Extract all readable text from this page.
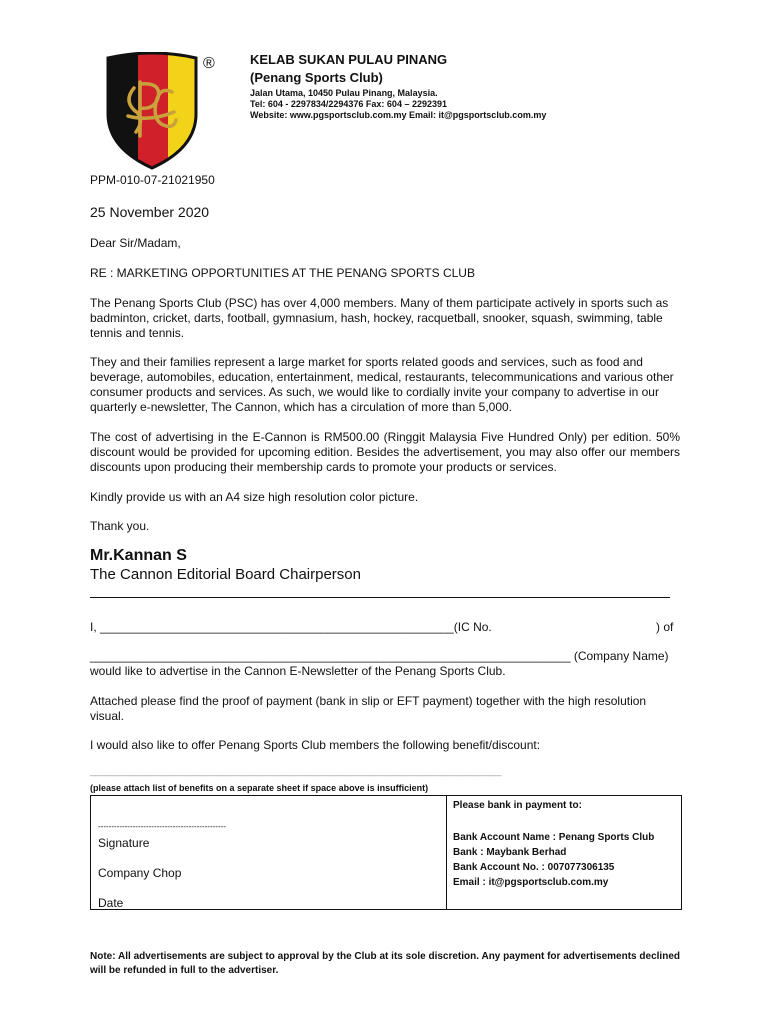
®	KELAB SUKAN PULAU PINANG
(Penang Sports Club)
Jalan Utama, 10450 Pulau Pinang, Malaysia.
Tel: 604 - 2297834/2294376 Fax: 604 – 2292391
Website: www.pgsportsclub.com.my Email: it@pgsportsclub.com.my
PPM-010-07-21021950
25 November 2020
Dear Sir/Madam,
RE : MARKETING OPPORTUNITIES AT THE PENANG SPORTS CLUB
The Penang Sports Club (PSC) has over 4,000 members. Many of them participate actively in sports such as badminton, cricket, darts, football, gymnasium, hash, hockey, racquetball, snooker, squash, swimming, table tennis and tennis.
They and their families represent a large market for sports related goods and services, such as food and beverage, automobiles, education, entertainment, medical, restaurants, telecommunications and various other consumer products and services. As such, we would like to cordially invite your company to advertise in our quarterly e-newsletter, The Cannon, which has a circulation of more than 5,000.
The cost of advertising in the E-Cannon is RM500.00 (Ringgit Malaysia Five Hundred Only) per edition. 50% discount would be provided for upcoming edition. Besides the advertisement, you may also offer our members discounts upon producing their membership cards to promote your products or services.
Kindly provide us with an A4 size high resolution color picture.
Thank you.
Mr.Kannan S
The Cannon Editorial Board Chairperson
I, _____________________________________________________(IC No.	) of
________________________________________________________________________ (Company Name)
would like to advertise in the Cannon E-Newsletter of the Penang Sports Club.
Attached please find the proof of payment (bank in slip or EFT payment) together with the high resolution visual.
I would also like to offer Penang Sports Club members the following benefit/discount:
__________________________________________________________________________
(please attach list of benefits on a separate sheet if space above is insufficient)
------------------------------------------------
Signature
Company Chop
Date
Please bank in payment to:
Bank Account Name : Penang Sports Club
Bank : Maybank Berhad
Bank Account No. : 007077306135
Email : it@pgsportsclub.com.my
Note: All advertisements are subject to approval by the Club at its sole discretion. Any payment for advertisements declined will be refunded in full to the advertiser.
